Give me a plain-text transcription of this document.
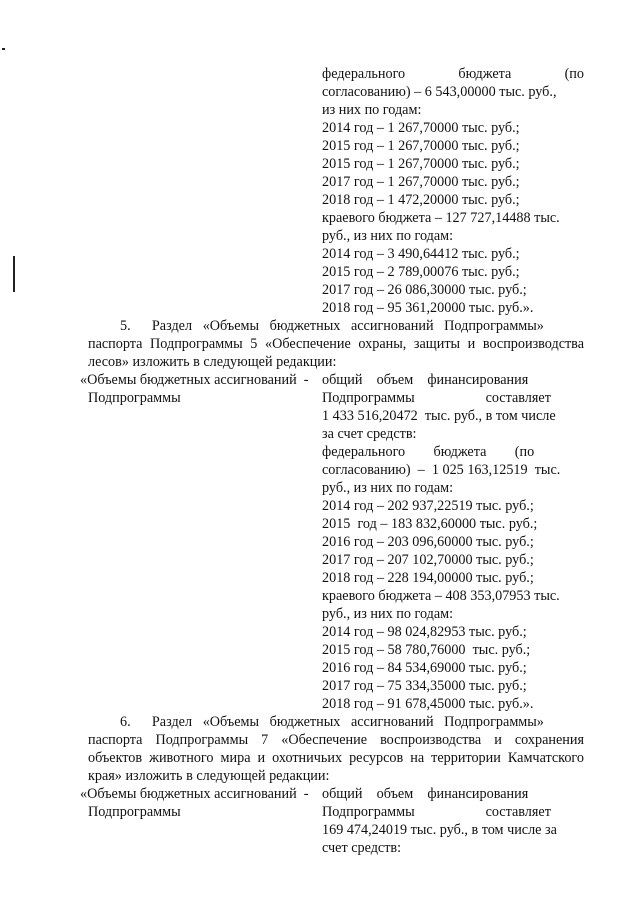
федерального бюджета (по
согласованию) – 6 543,00000 тыс. руб.,
из них по годам:
2014 год – 1 267,70000 тыс. руб.;
2015 год – 1 267,70000 тыс. руб.;
2015 год – 1 267,70000 тыс. руб.;
2017 год – 1 267,70000 тыс. руб.;
2018 год – 1 472,20000 тыс. руб.;
краевого бюджета – 127 727,14488 тыс.
руб., из них по годам:
2014 год – 3 490,64412 тыс. руб.;
2015 год – 2 789,00076 тыс. руб.;
2017 год – 26 086,30000 тыс. руб.;
2018 год – 95 361,20000 тыс. руб.».
5.      Раздел   «Объемы   бюджетных   ассигнований   Подпрограммы»
паспорта Подпрограммы 5 «Обеспечение охраны, защиты и воспроизводства
лесов» изложить в следующей редакции:
«Объемы бюджетных ассигнований  -
Подпрограммы
общий    объем    финансирования
Подпрограммы                    составляет
1 433 516,20472  тыс. руб., в том числе
за счет средств:
федерального        бюджета        (по
согласованию)  –  1 025 163,12519  тыс.
руб., из них по годам:
2014 год – 202 937,22519 тыс. руб.;
2015  год – 183 832,60000 тыс. руб.;
2016 год – 203 096,60000 тыс. руб.;
2017 год – 207 102,70000 тыс. руб.;
2018 год – 228 194,00000 тыс. руб.;
краевого бюджета – 408 353,07953 тыс.
руб., из них по годам:
2014 год – 98 024,82953 тыс. руб.;
2015 год – 58 780,76000  тыс. руб.;
2016 год – 84 534,69000 тыс. руб.;
2017 год – 75 334,35000 тыс. руб.;
2018 год – 91 678,45000 тыс. руб.».
6.      Раздел   «Объемы   бюджетных   ассигнований   Подпрограммы»
паспорта Подпрограммы 7 «Обеспечение воспроизводства и сохранения
объектов животного мира и охотничьих ресурсов на территории Камчатского
края» изложить в следующей редакции:
«Объемы бюджетных ассигнований  -
Подпрограммы
общий    объем    финансирования
Подпрограммы                    составляет
169 474,24019 тыс. руб., в том числе за
счет средств:
